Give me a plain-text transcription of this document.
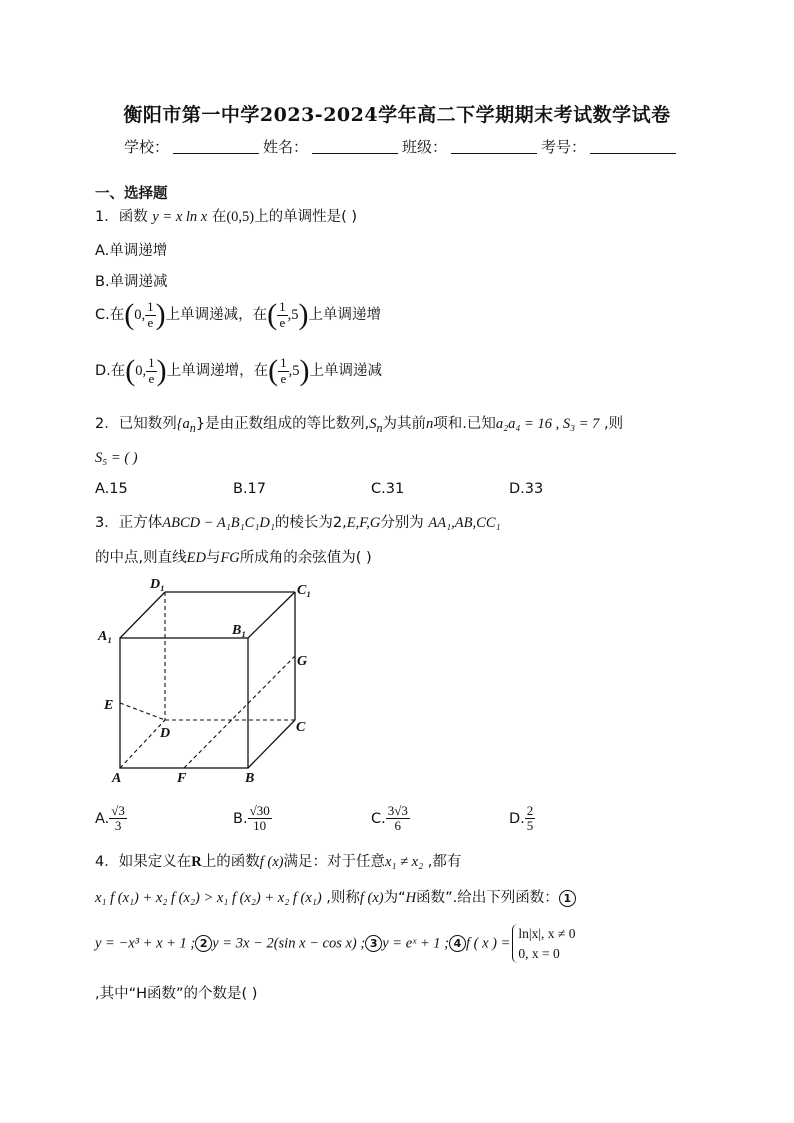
衡阳市第一中学2023-2024学年高二下学期期末考试数学试卷
学校：	姓名：	班级：	考号：
一、选择题
1．函数 y = x ln x 在(0,5)上的单调性是( )
A.单调递增
B.单调递减
C.在(0, $\frac{1}{e}$ )上单调递减，在( $\frac{1}{e} ,5$)上单调递增
D.在(0, $\frac{1}{e}$ )上单调递增，在( $\frac{1}{e} ,5$)上单调递减
2．已知数列$\{a_n\}$是由正数组成的等比数列$,S_n$为其前n项和.已知a₂a₄ = 16 , S₃ = 7 ,则
S₅ = ( )
A.15	B.17	C.31	D.33
3．正方体ABCD − A₁B₁C₁D₁的棱长为2,E,F,G分别为 AA₁,AB,CC₁
的中点,则直线ED与FG所成角的余弦值为( )
D₁	C₁
A₁	B₁
G
E
D	C
A	F	B
A. $\frac{√3}{3}$	B. $\frac{√30}{10}$	C. $\frac{3√3}{6}$	D. $\frac{2}{5}$
4．如果定义在R上的函数f (x)满足：对于任意x₁ ≠ x₂ ,都有
x₁ f (x₁) + x₂ f (x₂) > x₁ f (x₂) + x₂ f (x₁) ,则称f (x)为“H函数”.给出下列函数： 1
y = −x³ + x + 1 ; 2 y = 3x − 2(sin x − cos x) ; 3 y = eˣ + 1 ; 4 f ( x ) =
ln|x|, x ≠ 0
0, x = 0
,其中“H函数”的个数是( )
